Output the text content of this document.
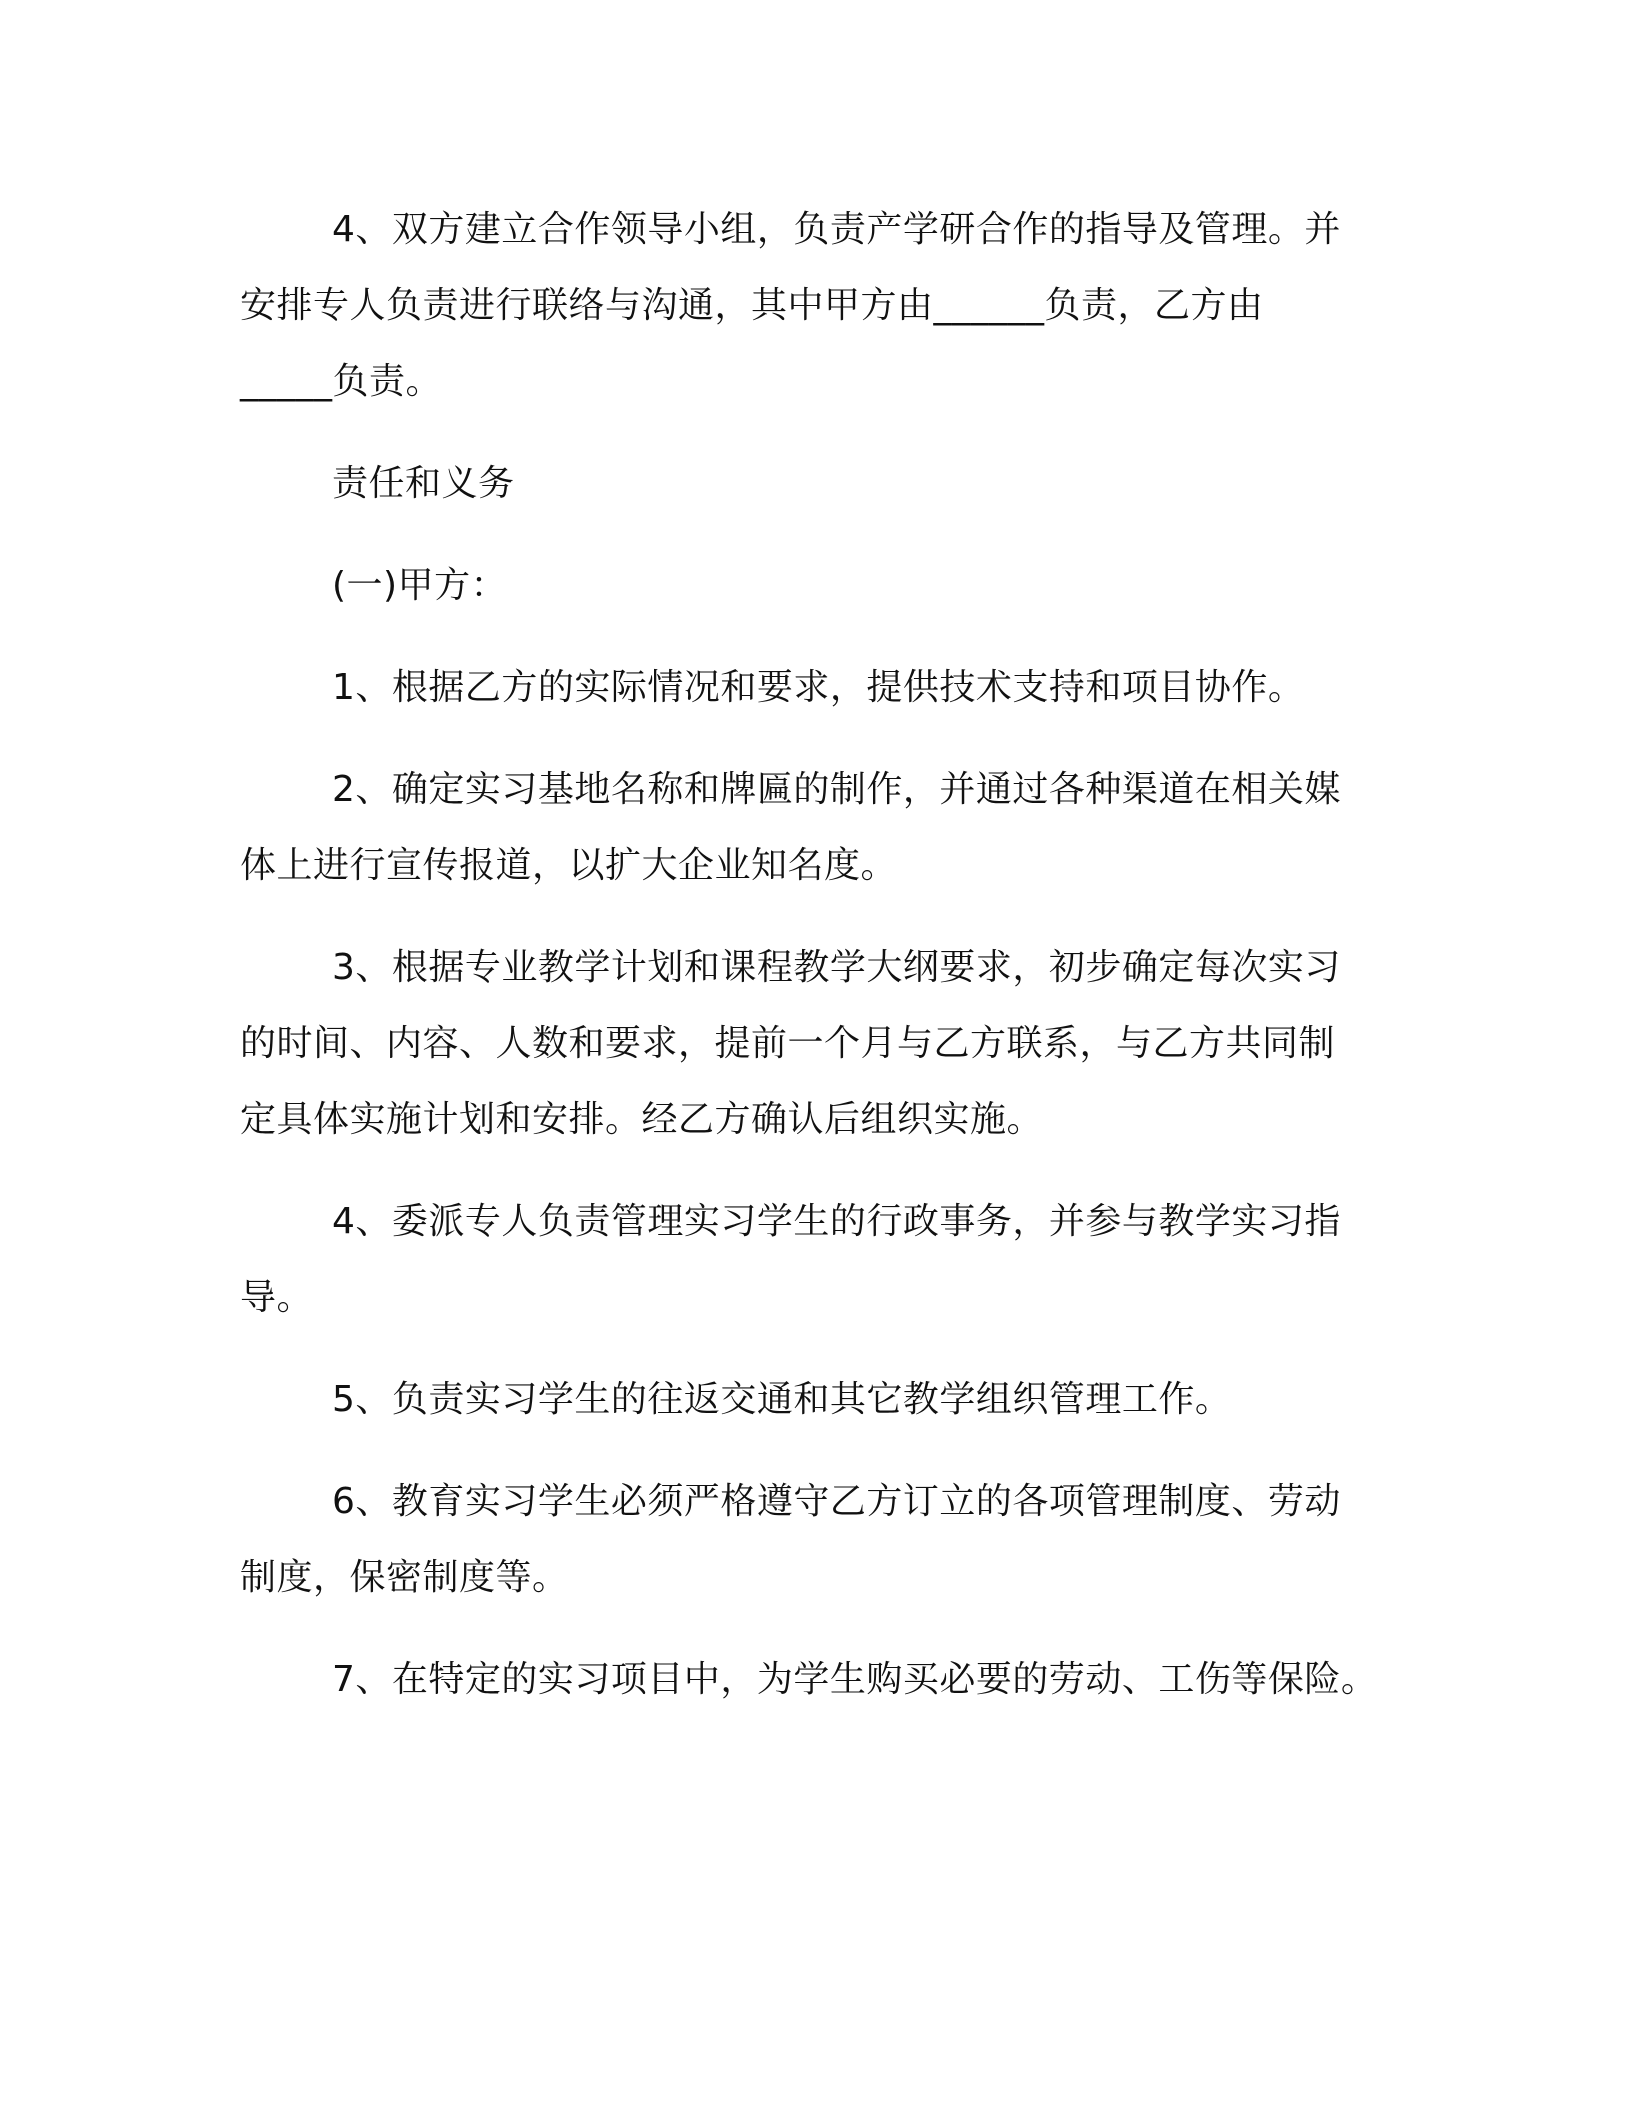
4、双方建立合作领导小组，负责产学研合作的指导及管理。并
安排专人负责进行联络与沟通，其中甲方由______负责，乙方由
_____负责。

责任和义务

(一)甲方：

1、根据乙方的实际情况和要求，提供技术支持和项目协作。

2、确定实习基地名称和牌匾的制作，并通过各种渠道在相关媒
体上进行宣传报道，以扩大企业知名度。

3、根据专业教学计划和课程教学大纲要求，初步确定每次实习
的时间、内容、人数和要求，提前一个月与乙方联系，与乙方共同制
定具体实施计划和安排。经乙方确认后组织实施。

4、委派专人负责管理实习学生的行政事务，并参与教学实习指
导。

5、负责实习学生的往返交通和其它教学组织管理工作。

6、教育实习学生必须严格遵守乙方订立的各项管理制度、劳动
制度，保密制度等。

7、在特定的实习项目中，为学生购买必要的劳动、工伤等保险。
